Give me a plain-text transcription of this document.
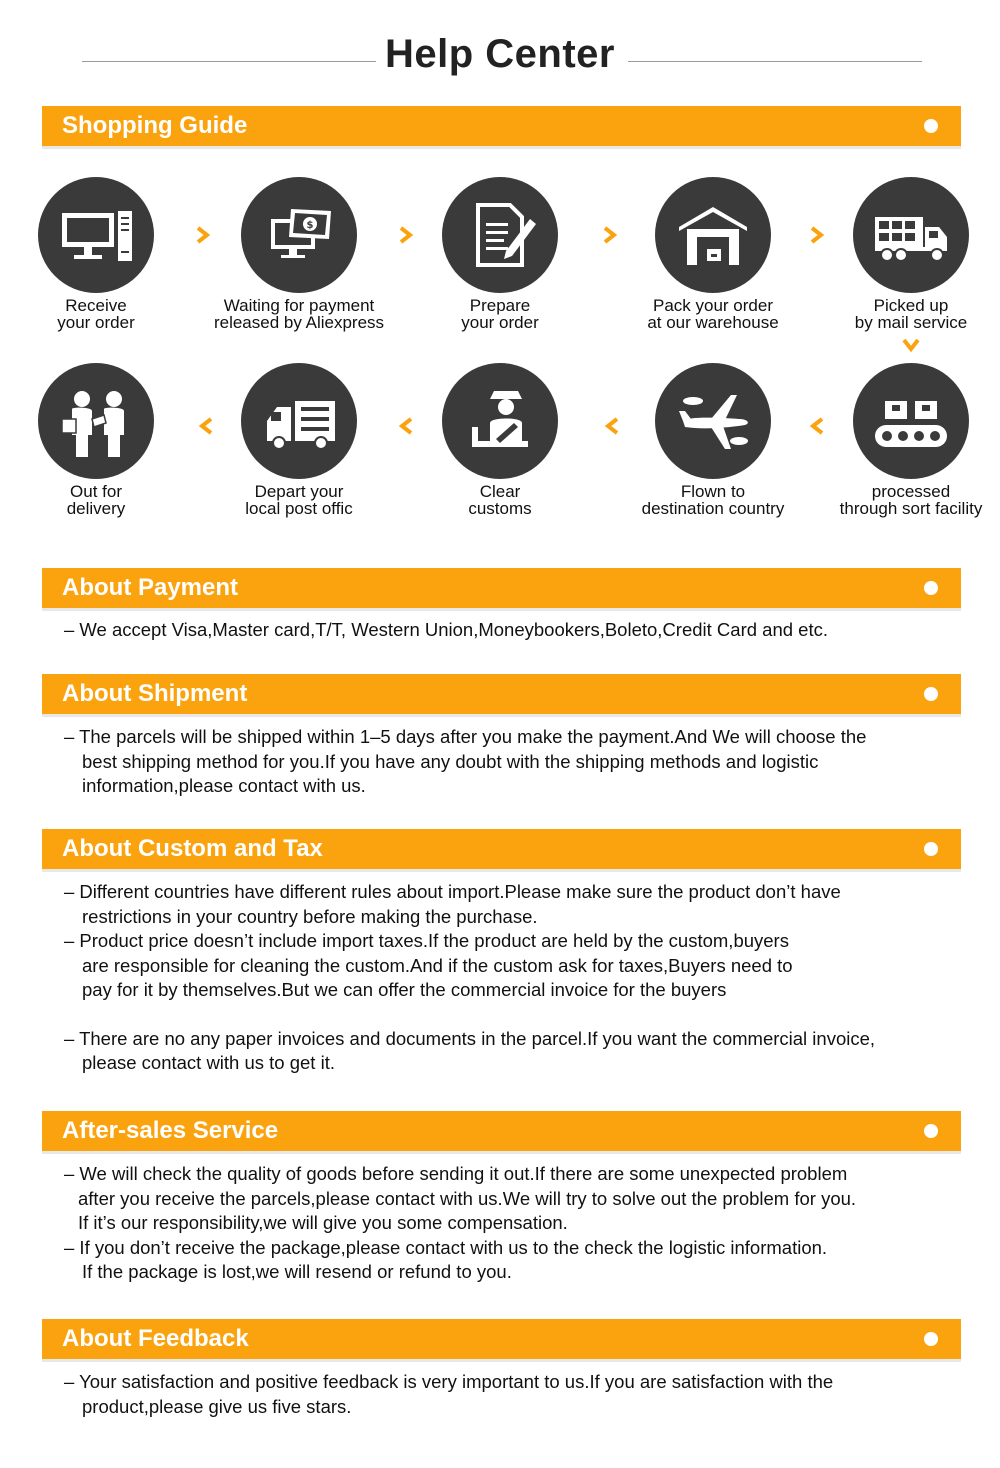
Help Center
Shopping Guide
Receive
your order
$
Waiting for payment
released by Aliexpress
Prepare
your order
Pack your order
at our warehouse
Picked up
by mail service
processed
through sort facility
Flown to
destination country
Clear
customs
Depart your
local post offic
Out for
delivery
About Payment

– We accept Visa,Master card,T/T, Western Union,Moneybookers,Boleto,Credit Card and etc.

About Shipment

– The parcels will be shipped within 1–5 days after you make the payment.And We will choose the

best shipping method for you.If you have any doubt with the shipping methods and logistic

information,please contact with us.

About Custom and Tax

– Different countries have different rules about import.Please make sure the product don’t have

restrictions in your country before making the purchase.

– Product price doesn’t include import taxes.If the product are held by the custom,buyers

are responsible for cleaning the custom.And if the custom ask for taxes,Buyers need to

pay for it by themselves.But we can offer the commercial invoice for the buyers

– There are no any paper invoices and documents in the parcel.If you want the commercial invoice,

please contact with us to get it.

After-sales Service

– We will check the quality of goods before sending it out.If there are some unexpected problem

after you receive the parcels,please contact with us.We will try to solve out the problem for you.

If it’s our responsibility,we will give you some compensation.

– If you don’t receive the package,please contact with us to the check the logistic information.

If the package is lost,we will resend or refund to you.

About Feedback

– Your satisfaction and positive feedback is very important to us.If you are satisfaction with the

product,please give us five stars.
